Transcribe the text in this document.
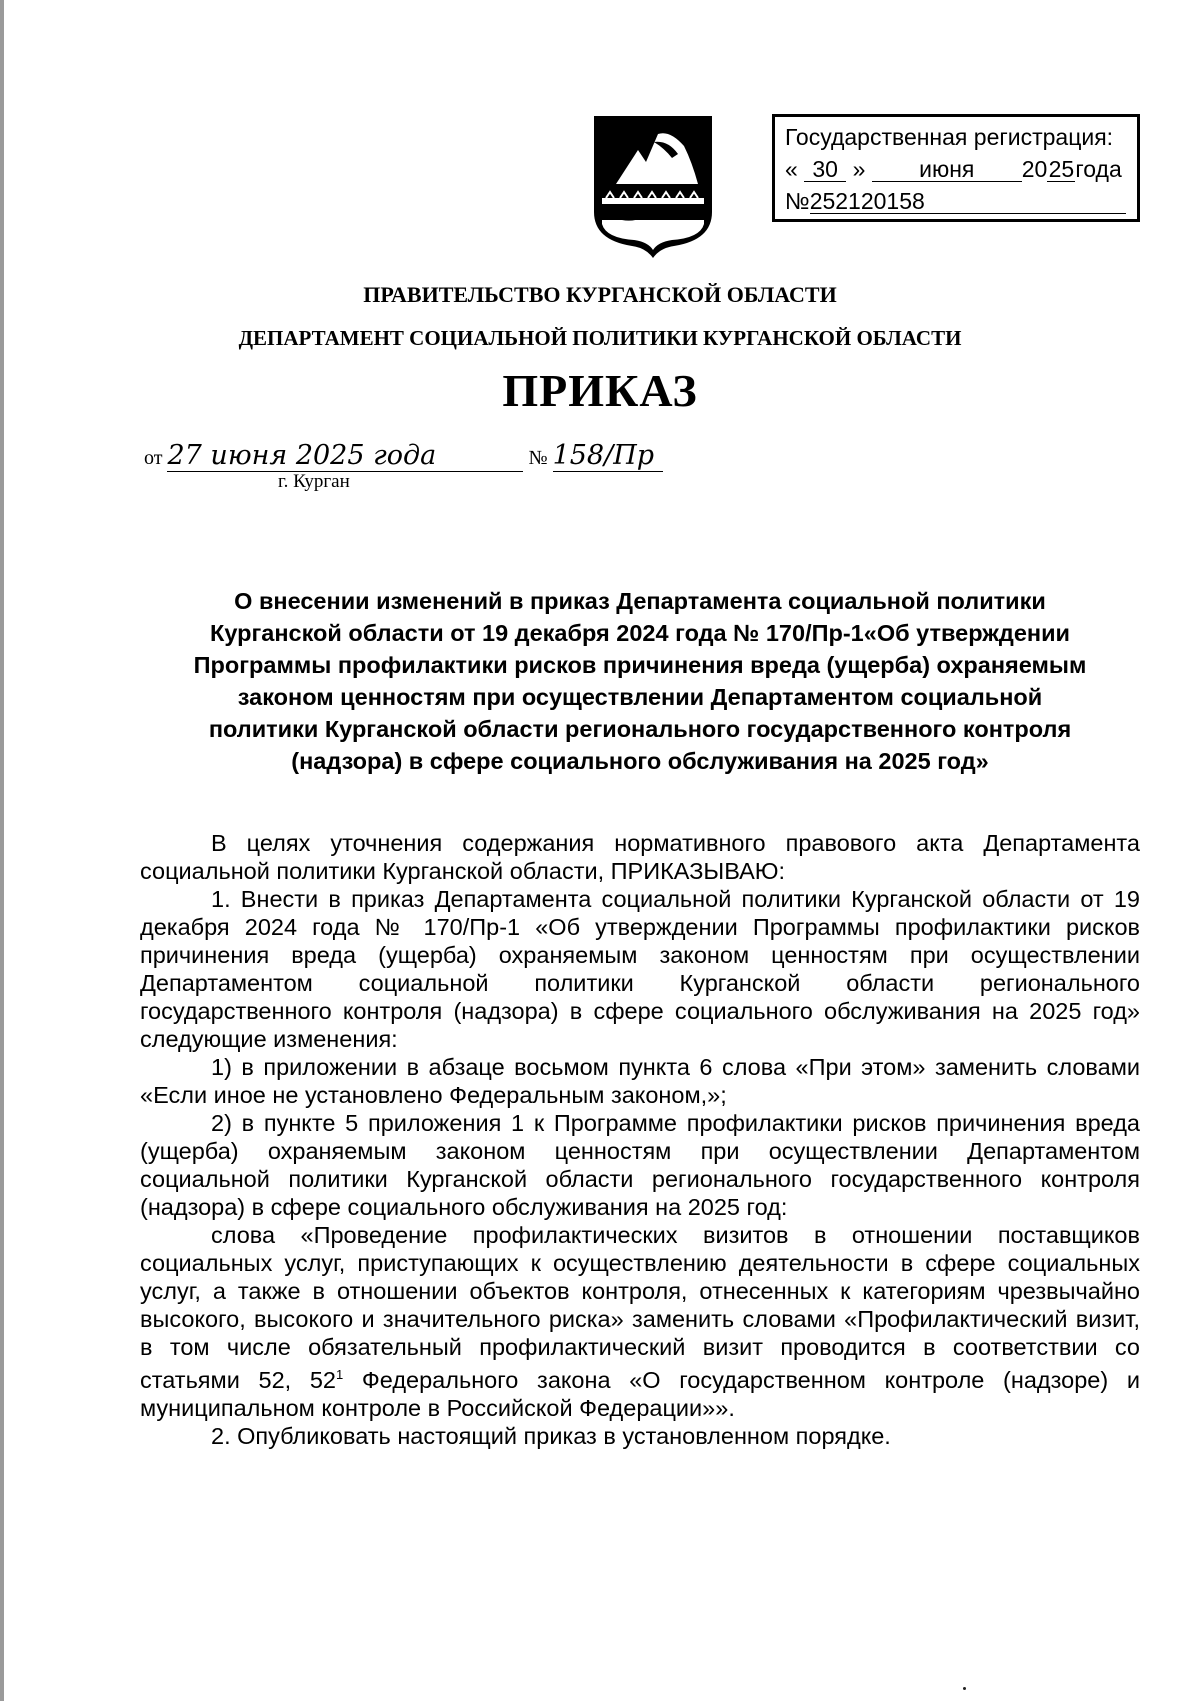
Государственная регистрация:
« 30 » июня 2025года
№252120158
ПРАВИТЕЛЬСТВО КУРГАНСКОЙ ОБЛАСТИ
ДЕПАРТАМЕНТ СОЦИАЛЬНОЙ ПОЛИТИКИ КУРГАНСКОЙ ОБЛАСТИ
ПРИКАЗ
от 27 июня 2025 года	№ 158/Пр
г. Курган
О внесении изменений в приказ Департамента социальной политики
Курганской области от 19 декабря 2024 года № 170/Пр-1«Об утверждении
Программы профилактики рисков причинения вреда (ущерба) охраняемым
законом ценностям при осуществлении Департаментом социальной
политики Курганской области регионального государственного контроля
(надзора) в сфере социального обслуживания на 2025 год»

В целях уточнения содержания нормативного правового акта Департамента социальной политики Курганской области, ПРИКАЗЫВАЮ:

1. Внести в приказ Департамента социальной политики Курганской области от 19 декабря 2024 года № 170/Пр-1 «Об утверждении Программы профилактики рисков причинения вреда (ущерба) охраняемым законом ценностям при осуществлении Департаментом социальной политики Курганской области регионального государственного контроля (надзора) в сфере социального обслуживания на 2025 год» следующие изменения:

1) в приложении в абзаце восьмом пункта 6 слова «При этом» заменить словами «Если иное не установлено Федеральным законом,»;

2) в пункте 5 приложения 1 к Программе профилактики рисков причинения вреда (ущерба) охраняемым законом ценностям при осуществлении Департаментом социальной политики Курганской области регионального государственного контроля (надзора) в сфере социального обслуживания на 2025 год:

слова «Проведение профилактических визитов в отношении поставщиков социальных услуг, приступающих к осуществлению деятельности в сфере социальных услуг, а также в отношении объектов контроля, отнесенных к категориям чрезвычайно высокого, высокого и значительного риска» заменить словами «Профилактический визит, в том числе обязательный профилактический визит проводится в соответствии со статьями 52, $52^1$ Федерального закона «О государственном контроле (надзоре) и муниципальном контроле в Российской Федерации»».

2. Опубликовать настоящий приказ в установленном порядке.
